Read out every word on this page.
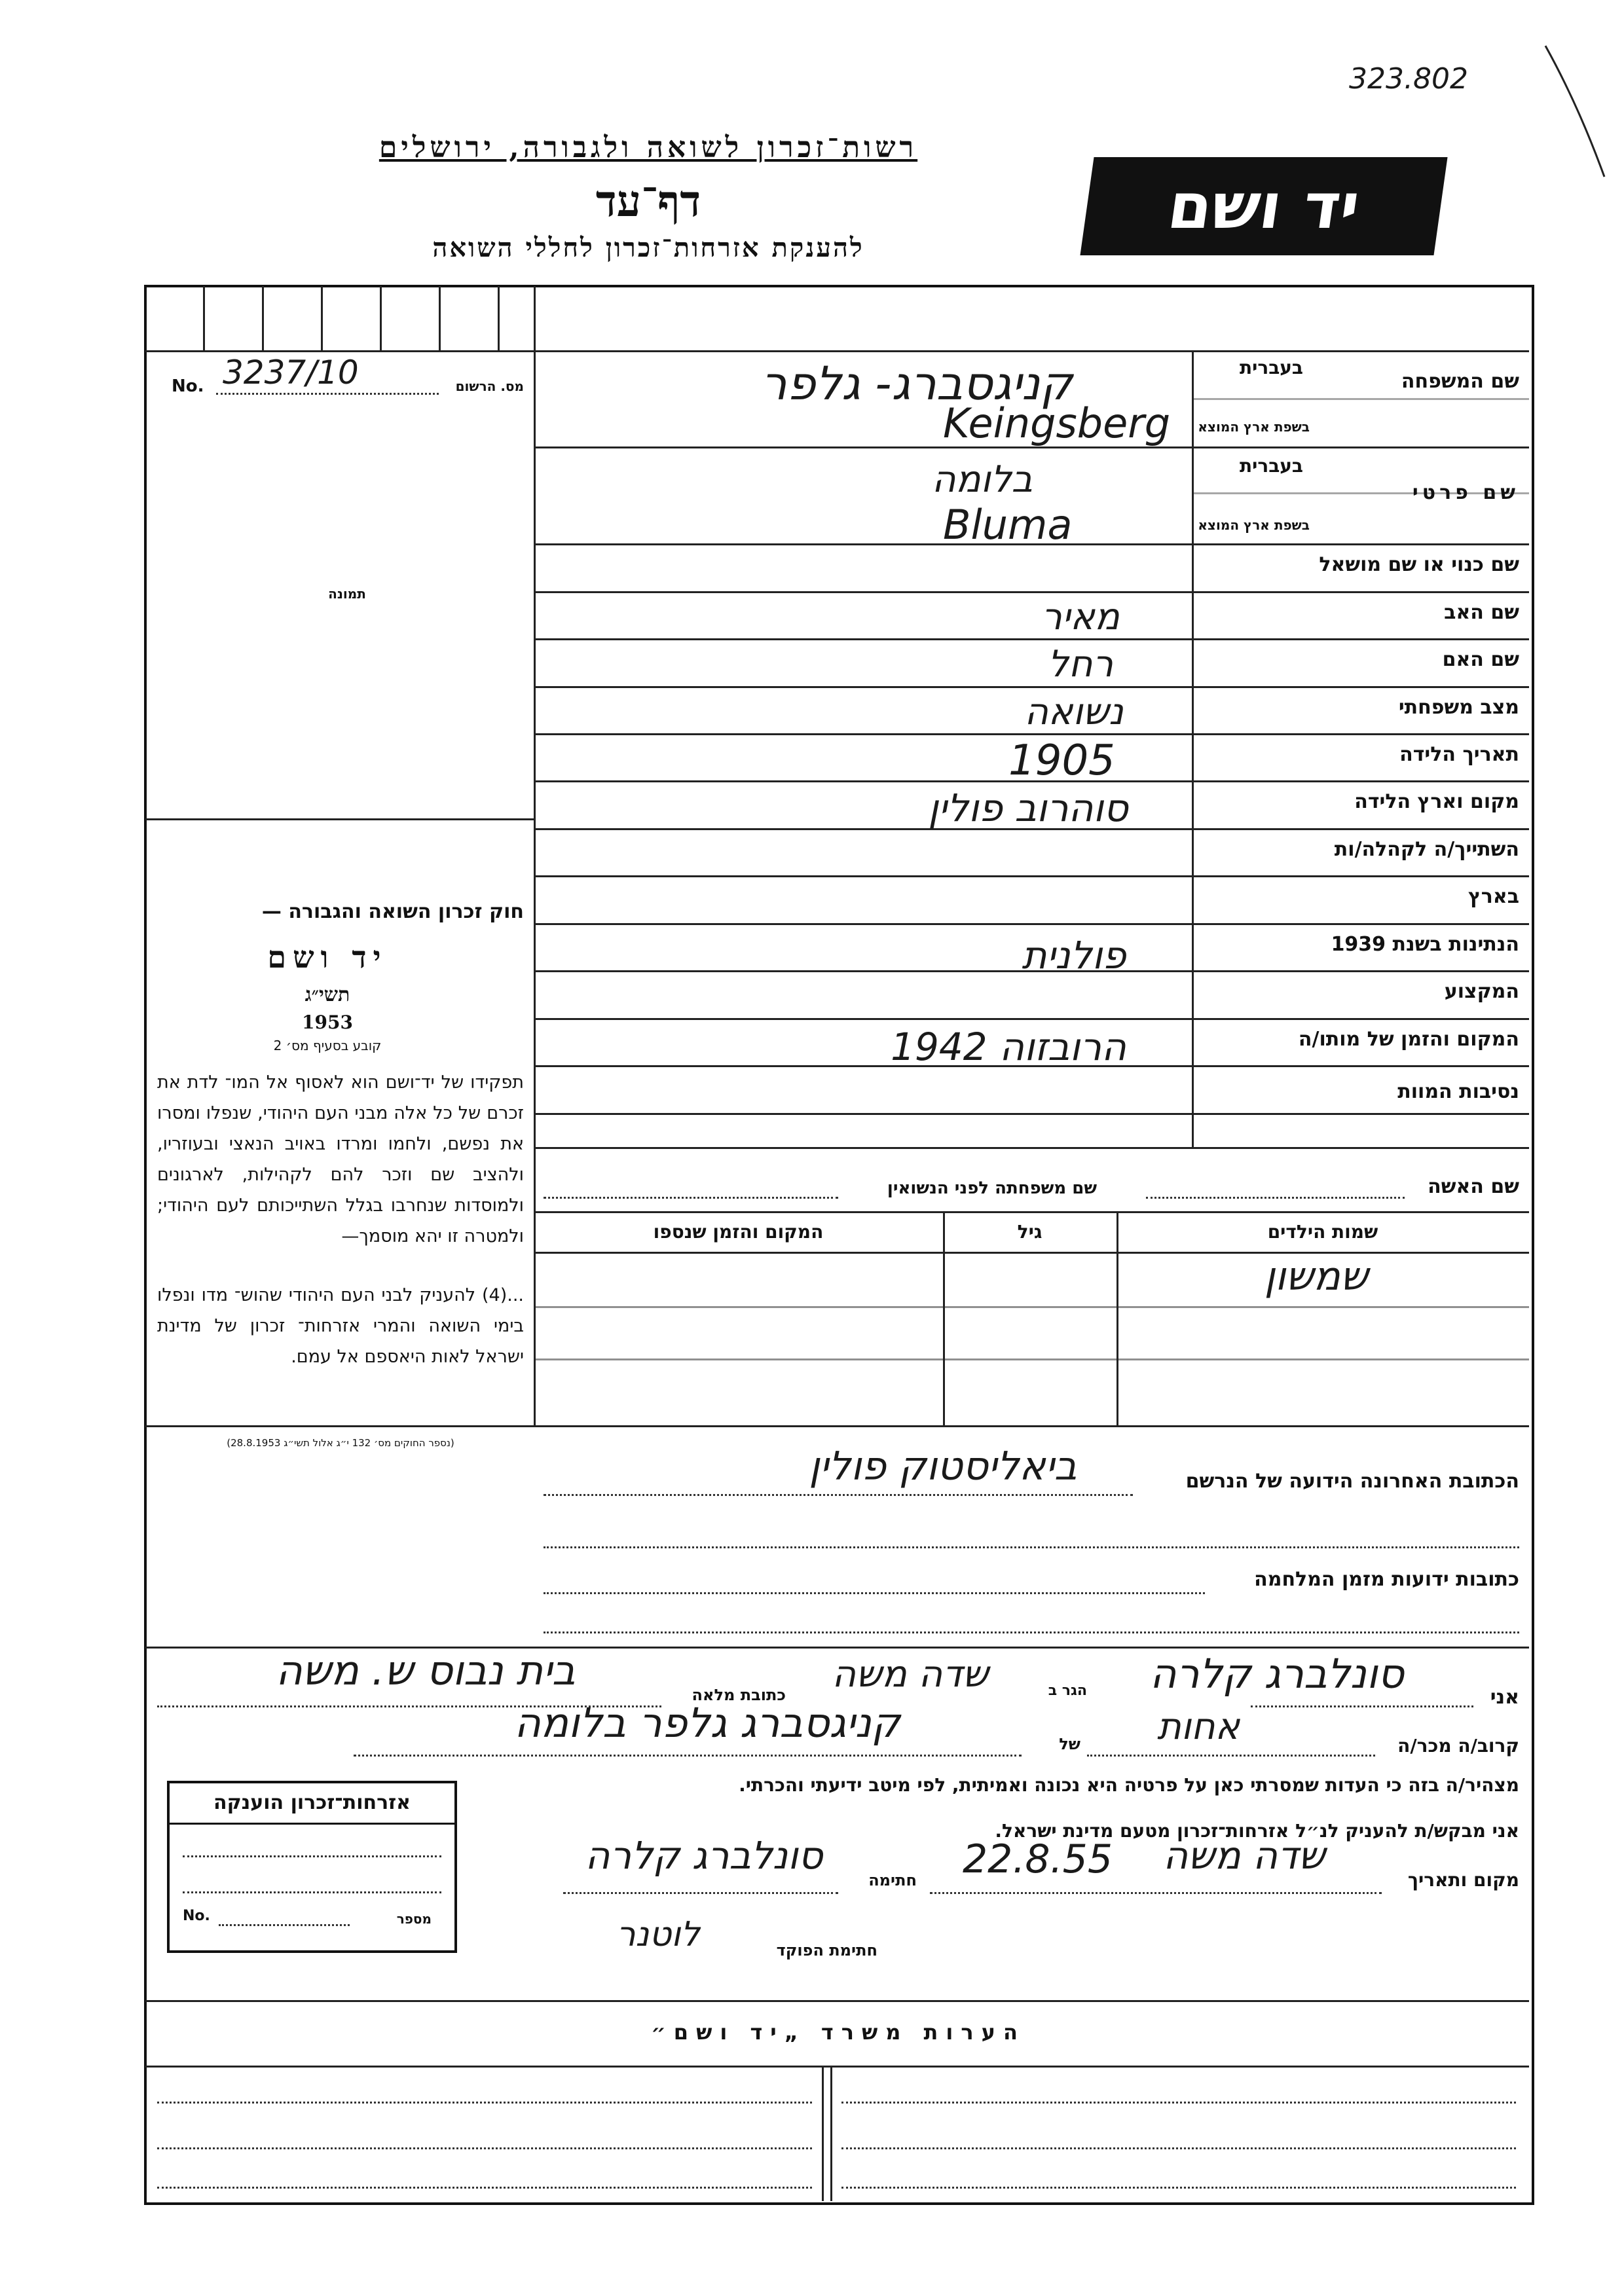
323.802
רשות־זכרון לשואה ולגבורה, ירושלים
דף־עד
להענקת אזרחות־זכרון לחללי השואה
יד ושם
No. 3237/10	מס. הרשום
תמונה
חוק זכרון השואה והגבורה —
יד ושם
תשי״ג
1953
קובע בסעיף מס׳ 2
תפקידו של יד־ושם הוא לאסוף אל המו־ לדת את זכרם של כל אלה מבני העם היהודי, שנפלו ומסרו את נפשם, ולחמו ומרדו באויב הנאצי ובעוזריו, ולהציב שם וזכר להם לקהילות, לארגונים ולמוסדות שנחרבו בגלל השתייכותם לעם היהודי; ולמטרה זו יהא מוסמך—
...(4) להעניק לבני העם היהודי שהוש־ מדו ונפלו בימי השואה והמרי אזרחות־ זכרון של מדינת ישראל לאות היאספם אל עמם.
(נספר החוקים מס׳ 132 י״ג אלול תשי״ג 28.8.1953)
שם המשפחה
בעברית
בשפת ארץ המוצא
שם פרטי
בעברית
בשפת ארץ המוצא
שם כנוי או שם מושאל
שם האב
שם האם
מצב משפחתי
תאריך הלידה
מקום וארץ הלידה
השתייך/ה לקהלה/ות
בארץ
הנתינות בשנת 1939
המקצוע
המקום והזמן של מותו/ה
נסיבות המוות
קניגסברג- גלפר
Keingsberg
בלומה
Bluma
מאיר
רחל
נשואה
1905
סוהרוב פולין
פולנית
הרובזוה 1942
שם האשה
שם משפחתה לפני הנשואין
שמות הילדים
גיל
המקום והזמן שנספו
שמשון
הכתובת האחרונה הידועה של הנרשם
ביאליסטוק פולין
כתובות ידועות מזמן המלחמה
אני
סונלברג קלרה
הגר ב
שדה משה
כתובת מלאה
בית נבוס ש. משה
קרוב/ה מכר/ה
אחות
של
קניגסברג גלפר בלומה
מצהיר/ה בזה כי העדות שמסרתי כאן על פרטיה היא נכונה ואמיתית, לפי מיטב ידיעתי והכרתי.
אני מבקש/ת להעניק לנ״ל אזרחות־זכרון מטעם מדינת ישראל.
מקום ותאריך
שדה משה
22.8.55
חתימה
סונלברג קלרה
חתימת הפוקד
לוטנר
אזרחות־זכרון הוענקה
No.	מספר
הערות משרד „יד ושם״
